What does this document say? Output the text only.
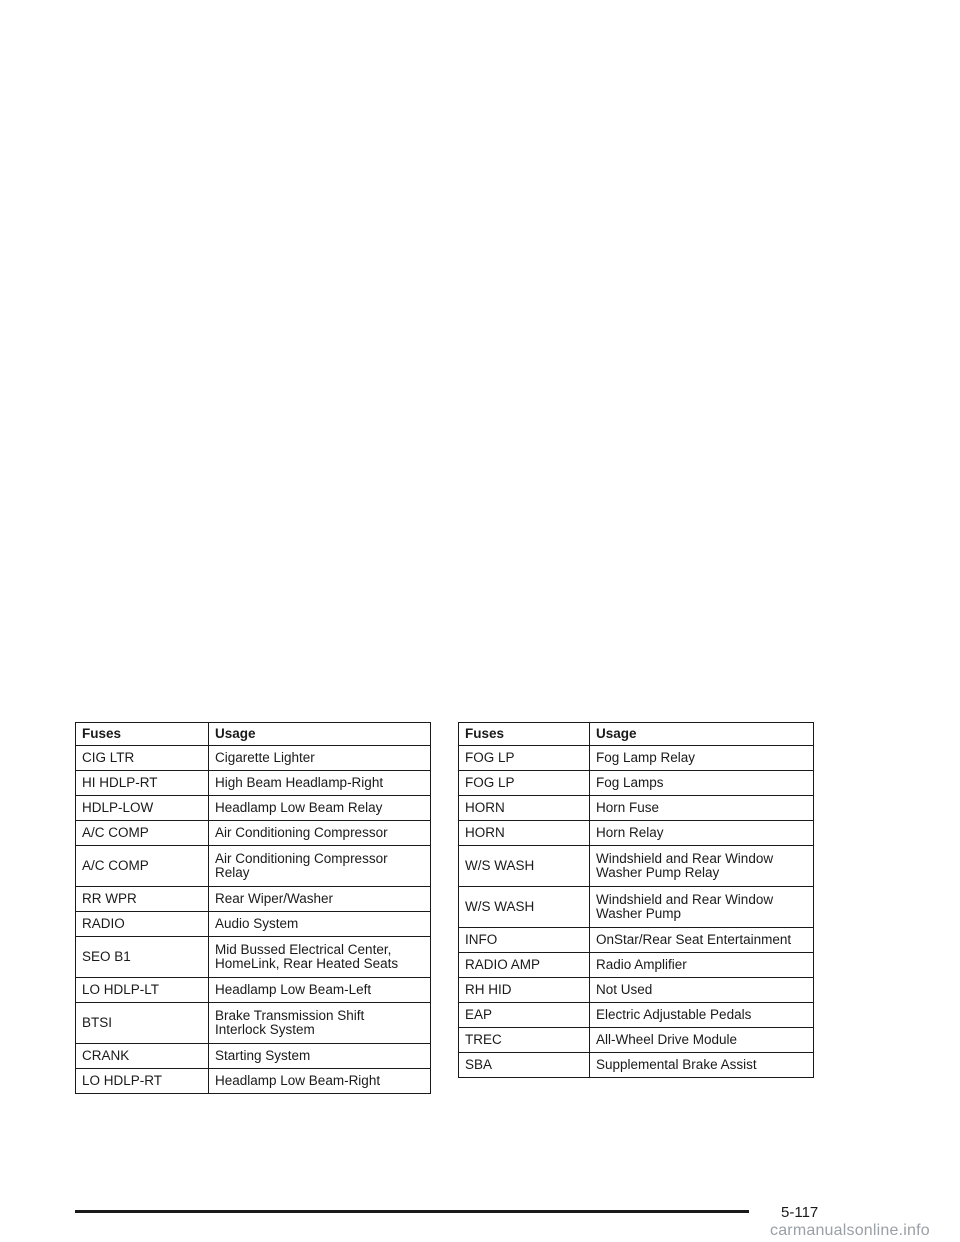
Fuses	Usage
CIG LTR	Cigarette Lighter
HI HDLP-RT	High Beam Headlamp-Right
HDLP-LOW	Headlamp Low Beam Relay
A/C COMP	Air Conditioning Compressor
A/C COMP	Air Conditioning Compressor
Relay
RR WPR	Rear Wiper/Washer
RADIO	Audio System
SEO B1	Mid Bussed Electrical Center,
HomeLink, Rear Heated Seats
LO HDLP-LT	Headlamp Low Beam-Left
BTSI	Brake Transmission Shift
Interlock System
CRANK	Starting System
LO HDLP-RT	Headlamp Low Beam-Right
Fuses	Usage
FOG LP	Fog Lamp Relay
FOG LP	Fog Lamps
HORN	Horn Fuse
HORN	Horn Relay
W/S WASH	Windshield and Rear Window
Washer Pump Relay
W/S WASH	Windshield and Rear Window
Washer Pump
INFO	OnStar/Rear Seat Entertainment
RADIO AMP	Radio Amplifier
RH HID	Not Used
EAP	Electric Adjustable Pedals
TREC	All-Wheel Drive Module
SBA	Supplemental Brake Assist
5-117
carmanualsonline.info
